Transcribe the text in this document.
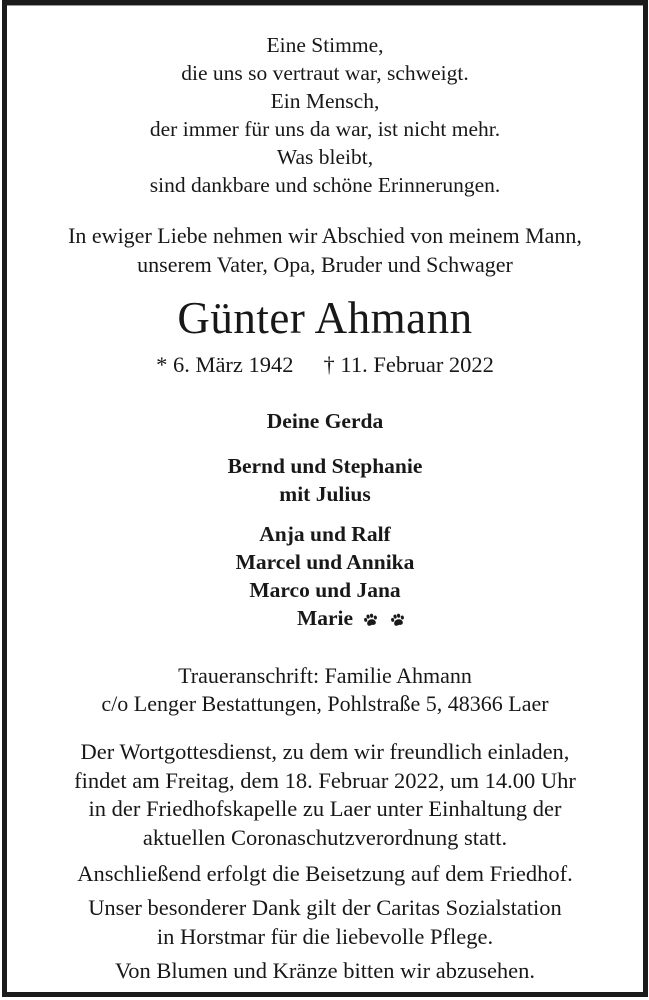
Eine Stimme,
die uns so vertraut war, schweigt.
Ein Mensch,
der immer für uns da war, ist nicht mehr.
Was bleibt,
sind dankbare und schöne Erinnerungen.
In ewiger Liebe nehmen wir Abschied von meinem Mann,
unserem Vater, Opa, Bruder und Schwager
Günter Ahmann
* 6. März 1942 † 11. Februar 2022
Deine Gerda
Bernd und Stephanie
mit Julius
Anja und Ralf
Marcel und Annika
Marco und Jana
Marie

Traueranschrift: Familie Ahmann
c/o Lenger Bestattungen, Pohlstraße 5, 48366 Laer
Der Wortgottesdienst, zu dem wir freundlich einladen,
findet am Freitag, dem 18. Februar 2022, um 14.00 Uhr
in der Friedhofskapelle zu Laer unter Einhaltung der
aktuellen Coronaschutzverordnung statt.
Anschließend erfolgt die Beisetzung auf dem Friedhof.
Unser besonderer Dank gilt der Caritas Sozialstation
in Horstmar für die liebevolle Pflege.
Von Blumen und Kränze bitten wir abzusehen.
